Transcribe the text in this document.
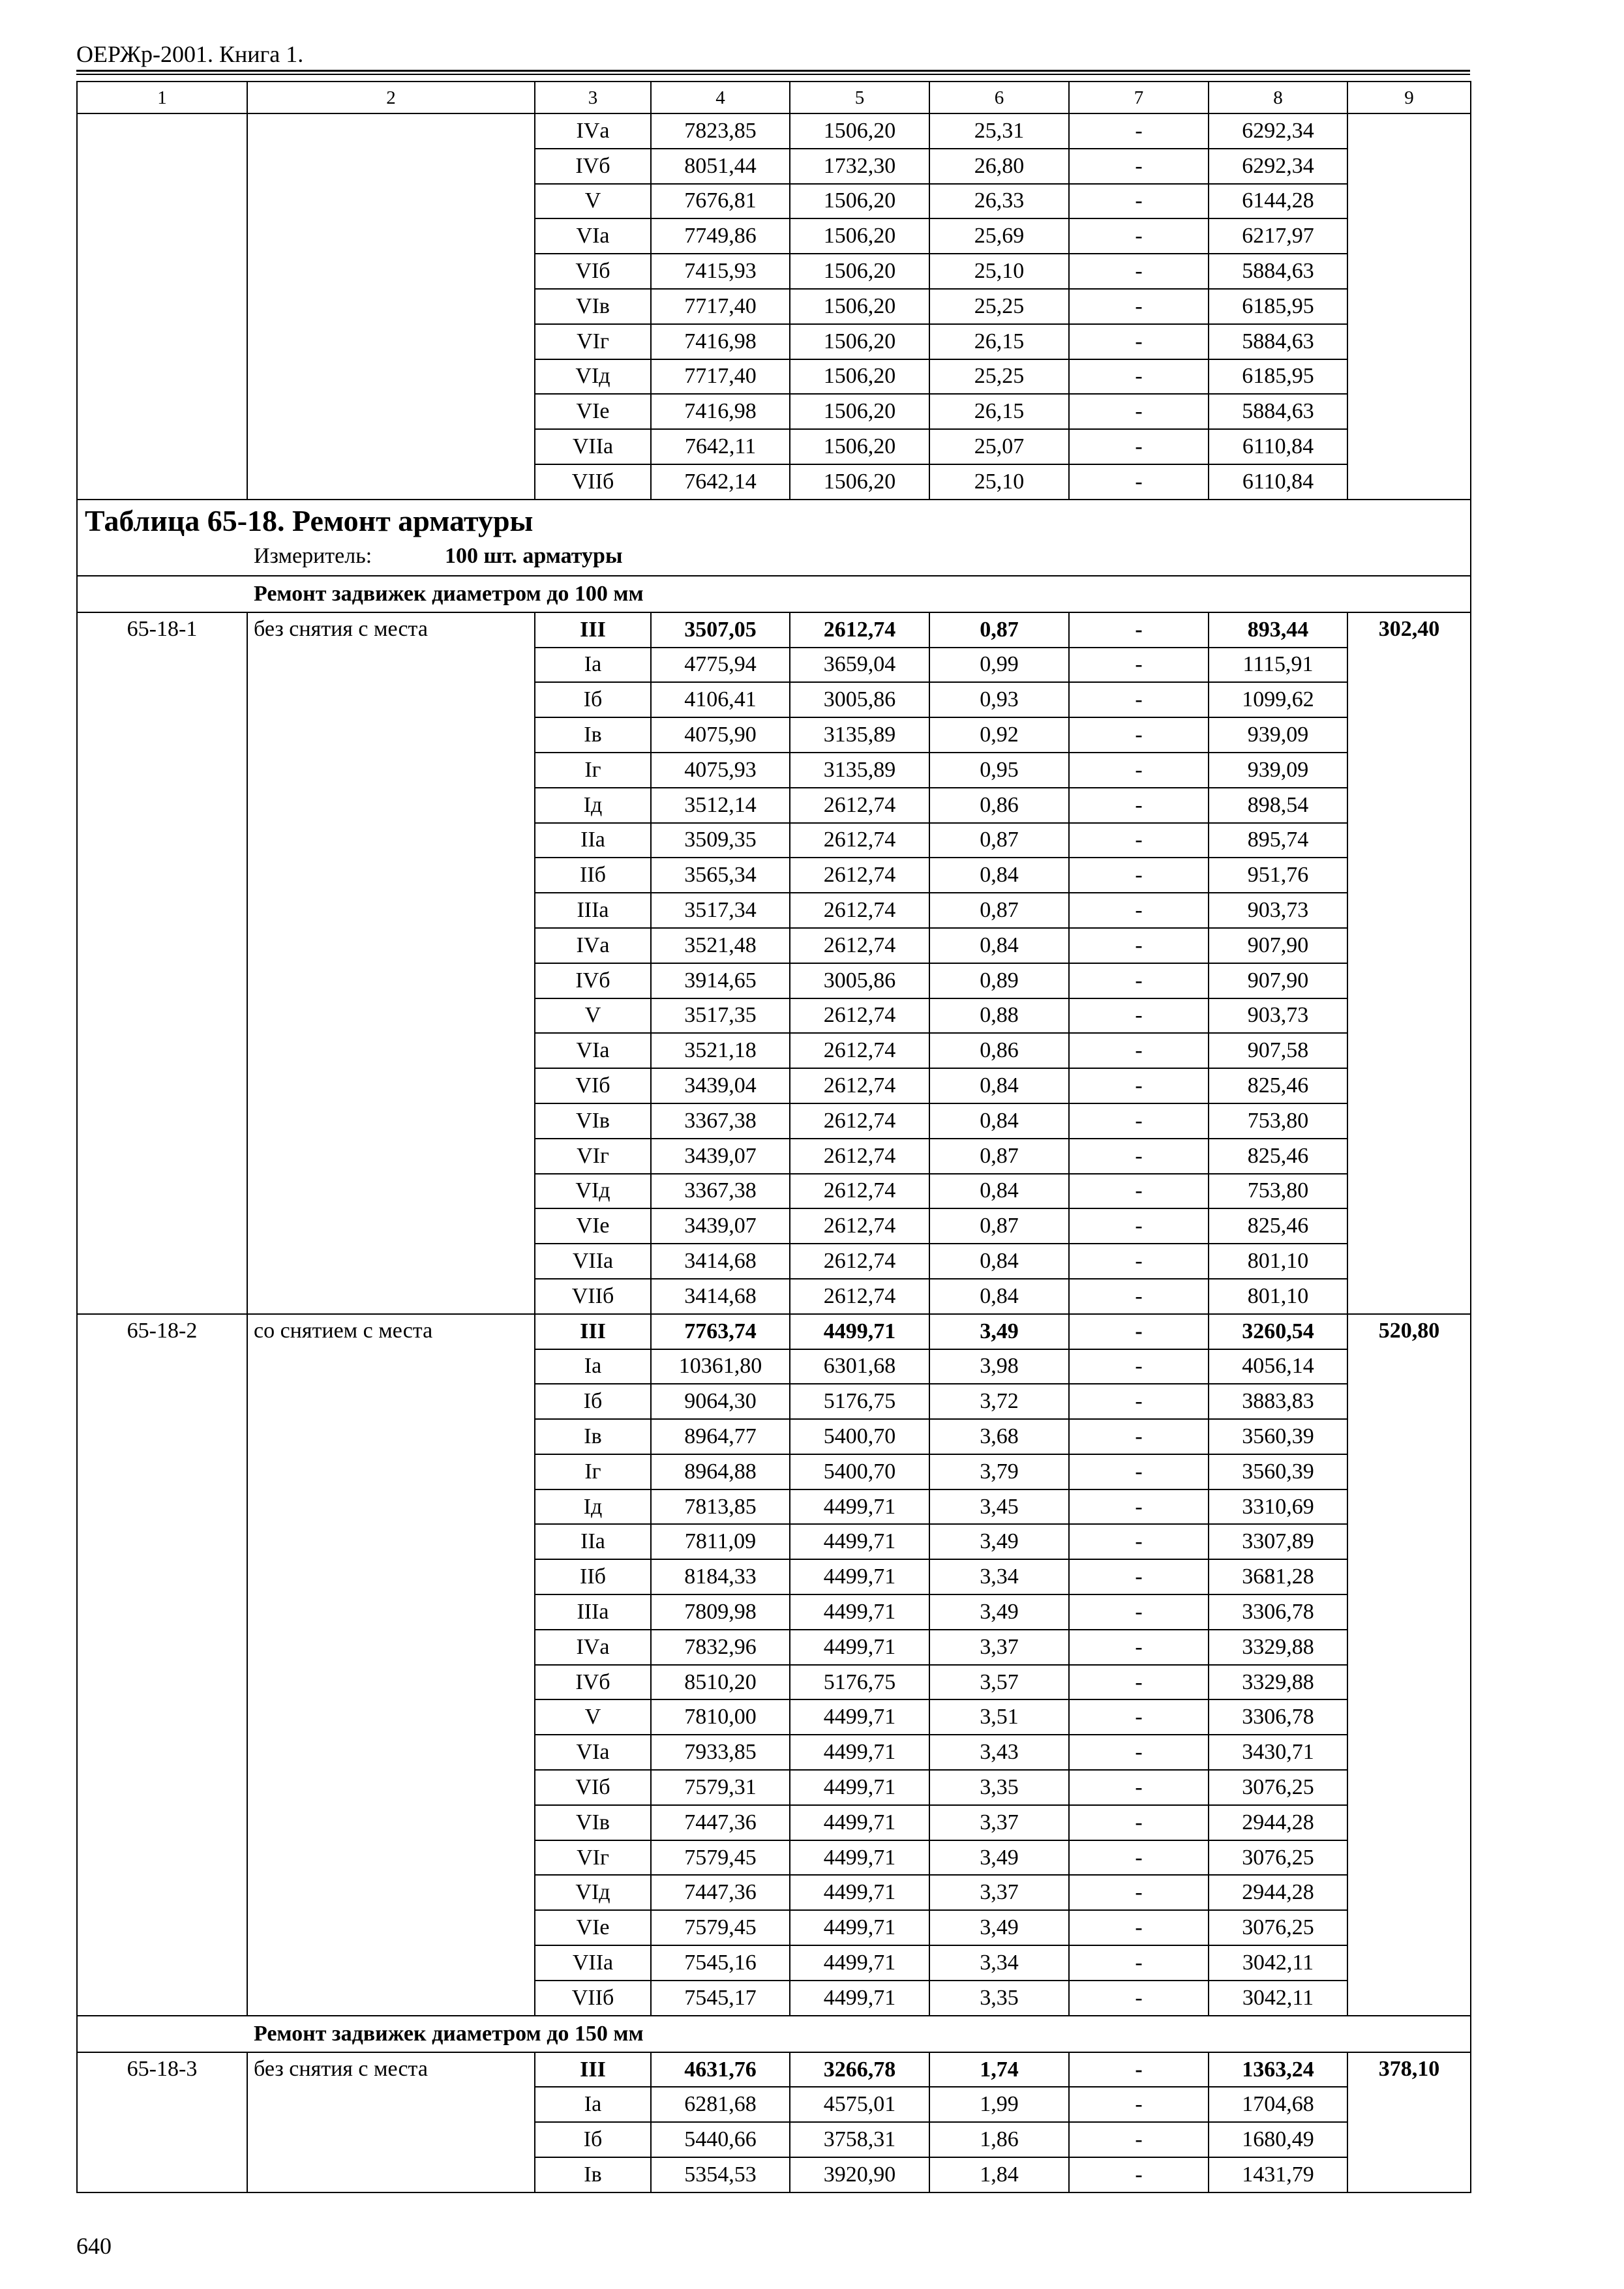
ОЕРЖр-2001. Книга 1.
1	2	3	4	5	6	7	8	9
		IVа	7823,85	1506,20	25,31	-	6292,34	
		IVб	8051,44	1732,30	26,80	-	6292,34	
		V	7676,81	1506,20	26,33	-	6144,28	
		VIа	7749,86	1506,20	25,69	-	6217,97	
		VIб	7415,93	1506,20	25,10	-	5884,63	
		VIв	7717,40	1506,20	25,25	-	6185,95	
		VIг	7416,98	1506,20	26,15	-	5884,63	
		VIд	7717,40	1506,20	25,25	-	6185,95	
		VIе	7416,98	1506,20	26,15	-	5884,63	
		VIIа	7642,11	1506,20	25,07	-	6110,84	
		VIIб	7642,14	1506,20	25,10	-	6110,84	

Таблица 65-18. Ремонт арматуры
Измеритель: 100 шт. арматуры								

Ремонт задвижек диаметром до 100 мм								
65-18-1	без снятия с места	III	3507,05	2612,74	0,87	-	893,44	302,40
		Iа	4775,94	3659,04	0,99	-	1115,91	
		Iб	4106,41	3005,86	0,93	-	1099,62	
		Iв	4075,90	3135,89	0,92	-	939,09	
		Iг	4075,93	3135,89	0,95	-	939,09	
		Iд	3512,14	2612,74	0,86	-	898,54	
		IIа	3509,35	2612,74	0,87	-	895,74	
		IIб	3565,34	2612,74	0,84	-	951,76	
		IIIа	3517,34	2612,74	0,87	-	903,73	
		IVа	3521,48	2612,74	0,84	-	907,90	
		IVб	3914,65	3005,86	0,89	-	907,90	
		V	3517,35	2612,74	0,88	-	903,73	
		VIа	3521,18	2612,74	0,86	-	907,58	
		VIб	3439,04	2612,74	0,84	-	825,46	
		VIв	3367,38	2612,74	0,84	-	753,80	
		VIг	3439,07	2612,74	0,87	-	825,46	
		VIд	3367,38	2612,74	0,84	-	753,80	
		VIе	3439,07	2612,74	0,87	-	825,46	
		VIIа	3414,68	2612,74	0,84	-	801,10	
		VIIб	3414,68	2612,74	0,84	-	801,10	
65-18-2	со снятием с места	III	7763,74	4499,71	3,49	-	3260,54	520,80
		Iа	10361,80	6301,68	3,98	-	4056,14	
		Iб	9064,30	5176,75	3,72	-	3883,83	
		Iв	8964,77	5400,70	3,68	-	3560,39	
		Iг	8964,88	5400,70	3,79	-	3560,39	
		Iд	7813,85	4499,71	3,45	-	3310,69	
		IIа	7811,09	4499,71	3,49	-	3307,89	
		IIб	8184,33	4499,71	3,34	-	3681,28	
		IIIа	7809,98	4499,71	3,49	-	3306,78	
		IVа	7832,96	4499,71	3,37	-	3329,88	
		IVб	8510,20	5176,75	3,57	-	3329,88	
		V	7810,00	4499,71	3,51	-	3306,78	
		VIа	7933,85	4499,71	3,43	-	3430,71	
		VIб	7579,31	4499,71	3,35	-	3076,25	
		VIв	7447,36	4499,71	3,37	-	2944,28	
		VIг	7579,45	4499,71	3,49	-	3076,25	
		VIд	7447,36	4499,71	3,37	-	2944,28	
		VIе	7579,45	4499,71	3,49	-	3076,25	
		VIIа	7545,16	4499,71	3,34	-	3042,11	
		VIIб	7545,17	4499,71	3,35	-	3042,11	
Ремонт задвижек диаметром до 150 мм								
65-18-3	без снятия с места	III	4631,76	3266,78	1,74	-	1363,24	378,10
		Iа	6281,68	4575,01	1,99	-	1704,68	
		Iб	5440,66	3758,31	1,86	-	1680,49	
		Iв	5354,53	3920,90	1,84	-	1431,79	
640
